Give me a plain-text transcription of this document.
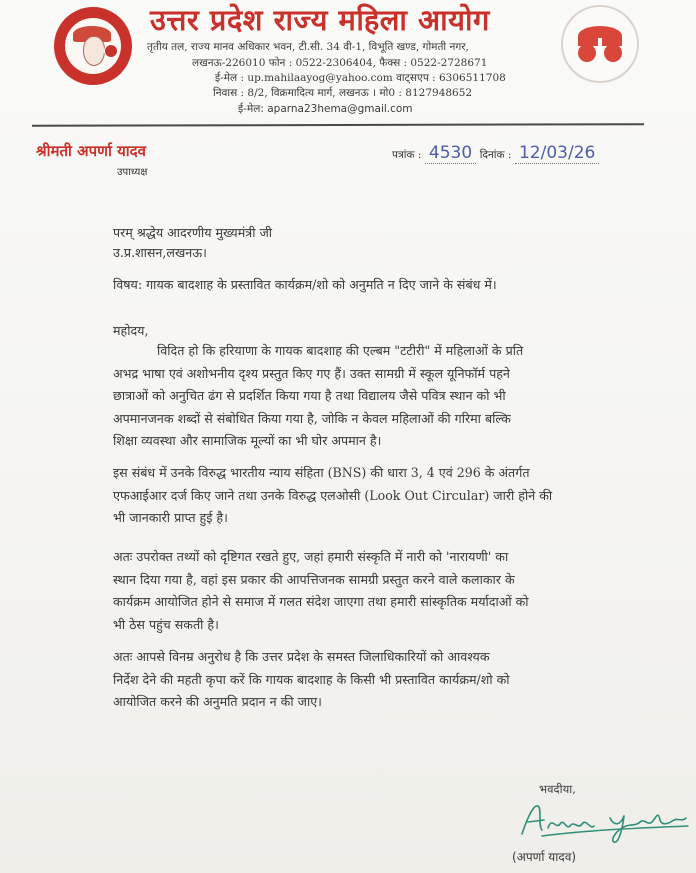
उत्तर प्रदेश राज्य महिला आयोग
तृतीय तल, राज्य मानव अधिकार भवन, टी.सी. 34 वी-1, विभूति खण्ड, गोमती नगर,
लखनऊ-226010 फोन : 0522-2306404, फैक्स : 0522-2728671
ई-मेल : up.mahilaayog@yahoo.com वाट्सएप : 6306511708
निवास : 8/2, विक्रमादित्य मार्ग, लखनऊ । मो0 : 8127948652
ई-मेल: aparna23hema@gmail.com
श्रीमती अपर्णा यादव
उपाध्यक्ष
पत्रांक : 4530 दिनांक : 12/03/26
परम् श्रद्धेय आदरणीय मुख्यमंत्री जी
उ.प्र.शासन,लखनऊ।
विषय: गायक बादशाह के प्रस्तावित कार्यक्रम/शो को अनुमति न दिए जाने के संबंध में।
महोदय,
विदित हो कि हरियाणा के गायक बादशाह की एल्बम "टटीरी" में महिलाओं के प्रति
अभद्र भाषा एवं अशोभनीय दृश्य प्रस्तुत किए गए हैं। उक्त सामग्री में स्कूल यूनिफॉर्म पहने
छात्राओं को अनुचित ढंग से प्रदर्शित किया गया है तथा विद्यालय जैसे पवित्र स्थान को भी
अपमानजनक शब्दों से संबोधित किया गया है, जोकि न केवल महिलाओं की गरिमा बल्कि
शिक्षा व्यवस्था और सामाजिक मूल्यों का भी घोर अपमान है।
इस संबंध में उनके विरुद्ध भारतीय न्याय संहिता (BNS) की धारा 3, 4 एवं 296 के अंतर्गत
एफआईआर दर्ज किए जाने तथा उनके विरुद्ध एलओसी (Look Out Circular) जारी होने की
भी जानकारी प्राप्त हुई है।
अतः उपरोक्त तथ्यों को दृष्टिगत रखते हुए, जहां हमारी संस्कृति में नारी को 'नारायणी' का
स्थान दिया गया है, वहां इस प्रकार की आपत्तिजनक सामग्री प्रस्तुत करने वाले कलाकार के
कार्यक्रम आयोजित होने से समाज में गलत संदेश जाएगा तथा हमारी सांस्कृतिक मर्यादाओं को
भी ठेस पहुंच सकती है।
अतः आपसे विनम्र अनुरोध है कि उत्तर प्रदेश के समस्त जिलाधिकारियों को आवश्यक
निर्देश देने की महती कृपा करें कि गायक बादशाह के किसी भी प्रस्तावित कार्यक्रम/शो को
आयोजित करने की अनुमति प्रदान न की जाए।
भवदीया,
(अपर्णा यादव)
